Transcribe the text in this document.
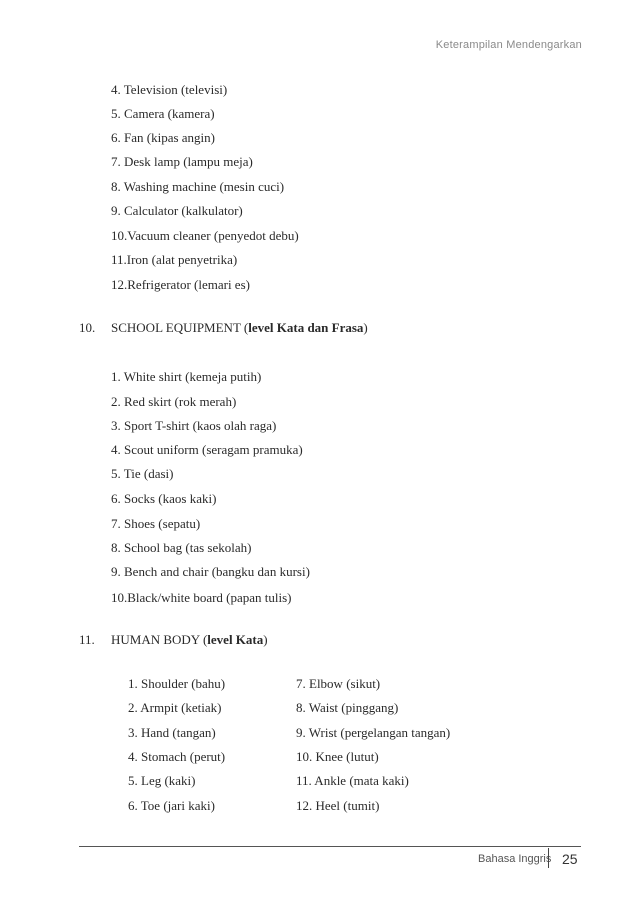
Keterampilan Mendengarkan
4. Television (televisi)
5. Camera (kamera)
6. Fan (kipas angin)
7. Desk lamp (lampu meja)
8. Washing machine (mesin cuci)
9. Calculator (kalkulator)
10.Vacuum cleaner (penyedot debu)
11.Iron (alat penyetrika)
12.Refrigerator (lemari es)
10. SCHOOL EQUIPMENT (level Kata dan Frasa)
1. White shirt (kemeja putih)
2. Red skirt (rok merah)
3. Sport T-shirt (kaos olah raga)
4. Scout uniform (seragam pramuka)
5. Tie (dasi)
6. Socks (kaos kaki)
7. Shoes (sepatu)
8. School bag (tas sekolah)
9. Bench and chair (bangku dan kursi)
10.Black/white board (papan tulis)
11. HUMAN BODY (level Kata)
1. Shoulder (bahu)
2. Armpit (ketiak)
3. Hand (tangan)
4. Stomach (perut)
5. Leg (kaki)
6. Toe (jari kaki)
7. Elbow (sikut)
8. Waist (pinggang)
9. Wrist (pergelangan tangan)
10. Knee (lutut)
11. Ankle (mata kaki)
12. Heel (tumit)
Bahasa Inggris 25
